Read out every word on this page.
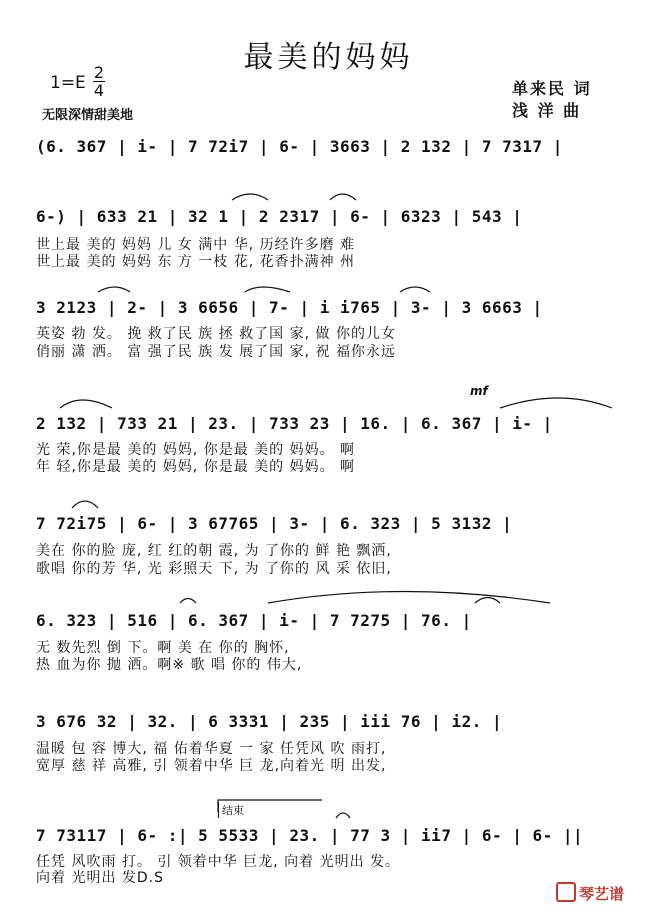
最美的妈妈
1=E
2
4
无限深情甜美地
单来民 词
浅 洋 曲
(6. 367 | i- | 7 72i7 | 6- | 3663 | 2 132 | 7 7317 |
6-) | 633 21 | 32 1 | 2 2317 | 6- | 6323 | 543 |
世上最 美的 妈妈 儿 女 满中 华, 历经许多磨 难
世上最 美的 妈妈 东 方 一枝 花, 花香扑满神 州
3 2123 | 2- | 3 6656 | 7- | i i765 | 3- | 3 6663 |
英姿 勃 发。 挽 救了民 族 拯 救了国 家, 做 你的儿女
俏丽 潇 洒。 富 强了民 族 发 展了国 家, 祝 福你永远
mf
2 132 | 733 21 | 23. | 733 23 | 16. | 6. 367 | i- |
光 荣,你是最 美的 妈妈, 你是最 美的 妈妈。 啊
年 轻,你是最 美的 妈妈, 你是最 美的 妈妈。 啊
7 72i75 | 6- | 3 67765 | 3- | 6. 323 | 5 3132 |
美在 你的脸 庞, 红 红的朝 霞, 为 了你的 鲜 艳 飘洒,
歌唱 你的芳 华, 光 彩照天 下, 为 了你的 风 采 依旧,
6. 323 | 516 | 6. 367 | i- | 7 7275 | 76. |
无 数先烈 倒 下。啊 美 在 你的 胸怀,
热 血为你 抛 洒。啊※ 歌 唱 你的 伟大,
3 676 32 | 32. | 6 3331 | 235 | iii 76 | i2. |
温暖 包 容 博大, 福 佑着华夏 一 家 任凭风 吹 雨打,
宽厚 慈 祥 高雅, 引 领着中华 巨 龙,向着光 明 出发,
结束
7 73117 | 6- :| 5 5533 | 23. | 77 3 | ii7 | 6- | 6- ||
任凭 风吹雨 打。 引 领着中华 巨龙, 向着 光明出 发。
向着 光明出 发D.S
琴艺谱
